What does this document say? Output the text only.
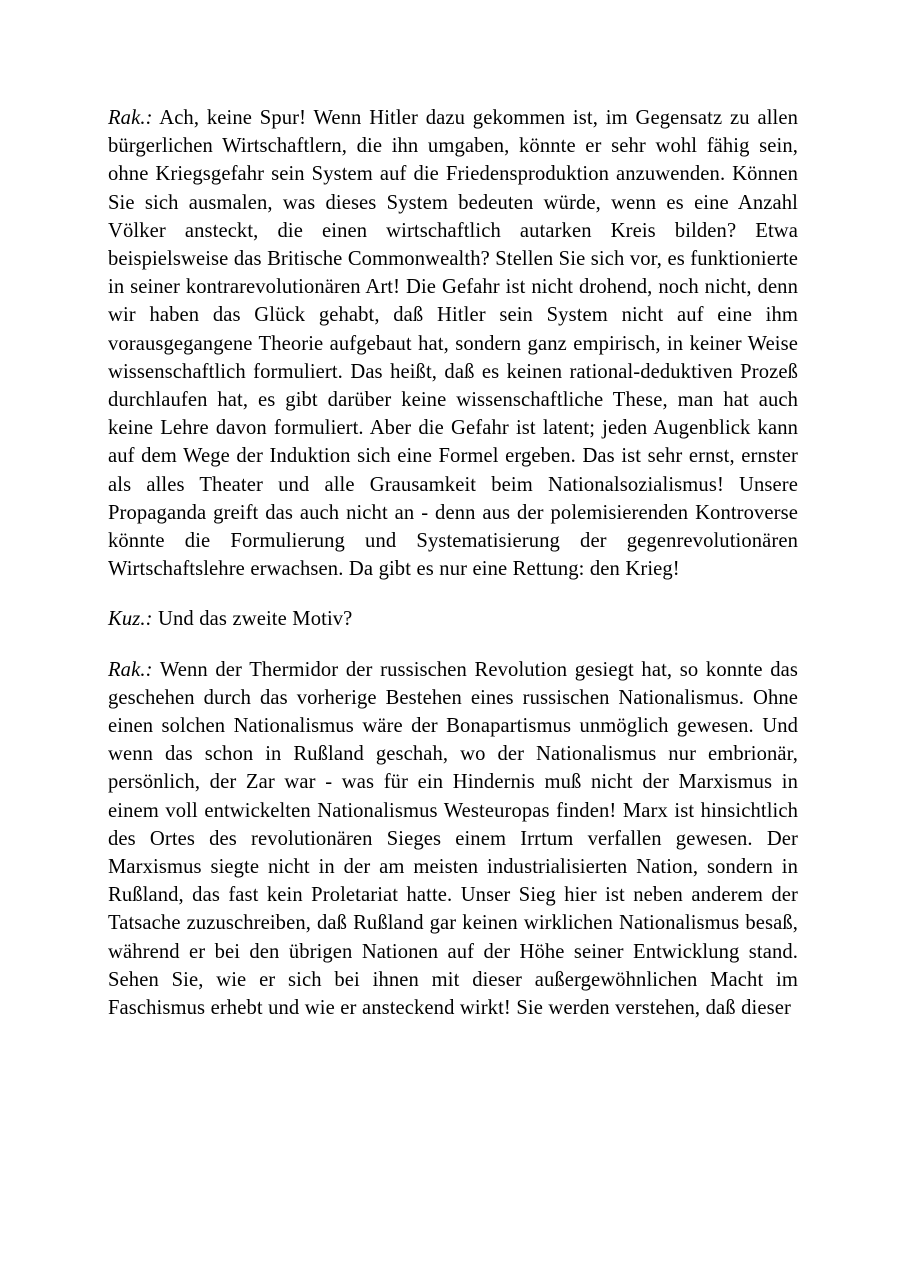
Rak.: Ach, keine Spur! Wenn Hitler dazu gekommen ist, im Gegensatz zu allen bürgerlichen Wirtschaftlern, die ihn umgaben, könnte er sehr wohl fähig sein, ohne Kriegsgefahr sein System auf die Friedensproduktion anzuwenden. Können Sie sich ausmalen, was dieses System bedeuten würde, wenn es eine Anzahl Völker ansteckt, die einen wirtschaftlich autarken Kreis bilden? Etwa beispielsweise das Britische Commonwealth? Stellen Sie sich vor, es funktionierte in seiner kontrarevolutionären Art! Die Gefahr ist nicht drohend, noch nicht, denn wir haben das Glück gehabt, daß Hitler sein System nicht auf eine ihm vorausgegangene Theorie aufgebaut hat, sondern ganz empirisch, in keiner Weise wissenschaftlich formuliert. Das heißt, daß es keinen rational-deduktiven Prozeß durchlaufen hat, es gibt darüber keine wissenschaftliche These, man hat auch keine Lehre davon formuliert. Aber die Gefahr ist latent; jeden Augenblick kann auf dem Wege der Induktion sich eine Formel ergeben. Das ist sehr ernst, ernster als alles Theater und alle Grausamkeit beim Nationalsozialismus! Unsere Propaganda greift das auch nicht an - denn aus der polemisierenden Kontroverse könnte die Formulierung und Systematisierung der gegenrevolutionären Wirtschaftslehre erwachsen. Da gibt es nur eine Rettung: den Krieg!

Kuz.: Und das zweite Motiv?

Rak.: Wenn der Thermidor der russischen Revolution gesiegt hat, so konnte das geschehen durch das vorherige Bestehen eines russischen Nationalismus. Ohne einen solchen Nationalismus wäre der Bonapartismus unmöglich gewesen. Und wenn das schon in Rußland geschah, wo der Nationalismus nur embrionär, persönlich, der Zar war - was für ein Hindernis muß nicht der Marxismus in einem voll entwickelten Nationalismus Westeuropas finden! Marx ist hinsichtlich des Ortes des revolutionären Sieges einem Irrtum verfallen gewesen. Der Marxismus siegte nicht in der am meisten industrialisierten Nation, sondern in Rußland, das fast kein Proletariat hatte. Unser Sieg hier ist neben anderem der Tatsache zuzuschreiben, daß Rußland gar keinen wirklichen Nationalismus besaß, während er bei den übrigen Nationen auf der Höhe seiner Entwicklung stand. Sehen Sie, wie er sich bei ihnen mit dieser außergewöhnlichen Macht im Faschismus erhebt und wie er ansteckend wirkt! Sie werden verstehen, daß dieser
